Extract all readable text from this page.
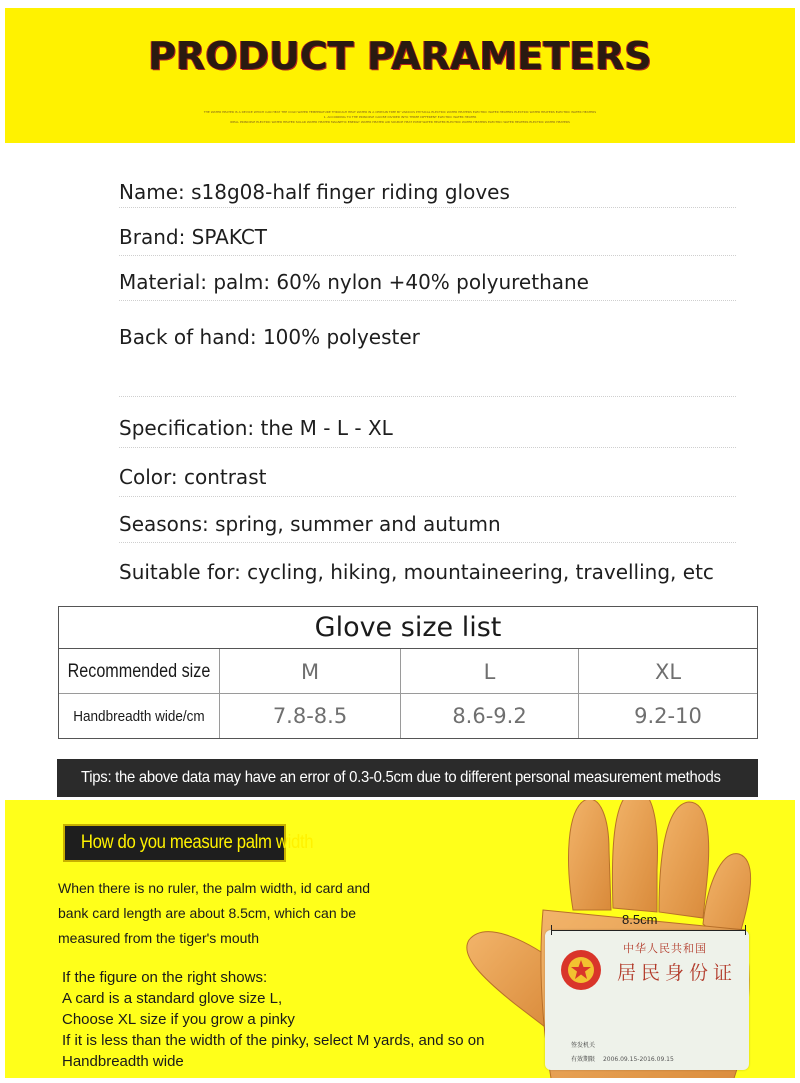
PRODUCT PARAMETERS
THE WATER HEATER IS A DEVICE WHICH CAN HEAT THE COLD WATER TEMPERATURE THROUGH HEAT WATER IN A CERTAIN TIME BY VARIOUS PHYSICAL ELECTRIC WATER HEATERS ELECTRIC WATER HEATERS ELECTRIC WATER HEATERS ELECTRIC WATER HEATERS
1. ACCORDING TO THE PRINCIPLE CAN BE DIVIDED INTO THREE DIFFERENT ELECTRIC WATER HEATER
IDEAL PRINCIPLE ELECTRIC WATER HEATER SOLAR WATER HEATER MAGNETIC ENERGY WATER HEATER AIR SOURCE HEAT PUMP WATER HEATER ELECTRIC WATER HEATERS ELECTRIC WATER HEATERS ELECTRIC WATER HEATERS
Name: s18g08-half finger riding gloves
Brand: SPAKCT
Material: palm: 60% nylon +40% polyurethane
Back of hand: 100% polyester
Specification: the M - L - XL
Color: contrast
Seasons: spring, summer and autumn
Suitable for: cycling, hiking, mountaineering, travelling, etc
Glove size list
Recommended size	M	L	XL
Handbreadth wide/cm	7.8-8.5	8.6-9.2	9.2-10
Tips: the above data may have an error of 0.3-0.5cm due to different personal measurement methods
How do you measure palm width
When there is no ruler, the palm width, id card and
bank card length are about 8.5cm, which can be
measured from the tiger's mouth
If the figure on the right shows:
A card is a standard glove size L,
Choose XL size if you grow a pinky
If it is less than the width of the pinky, select M yards, and so on
Handbreadth wide
中华人民共和国
居民身份证
签发机关
有效期限 2006.09.15-2016.09.15
8.5cm
